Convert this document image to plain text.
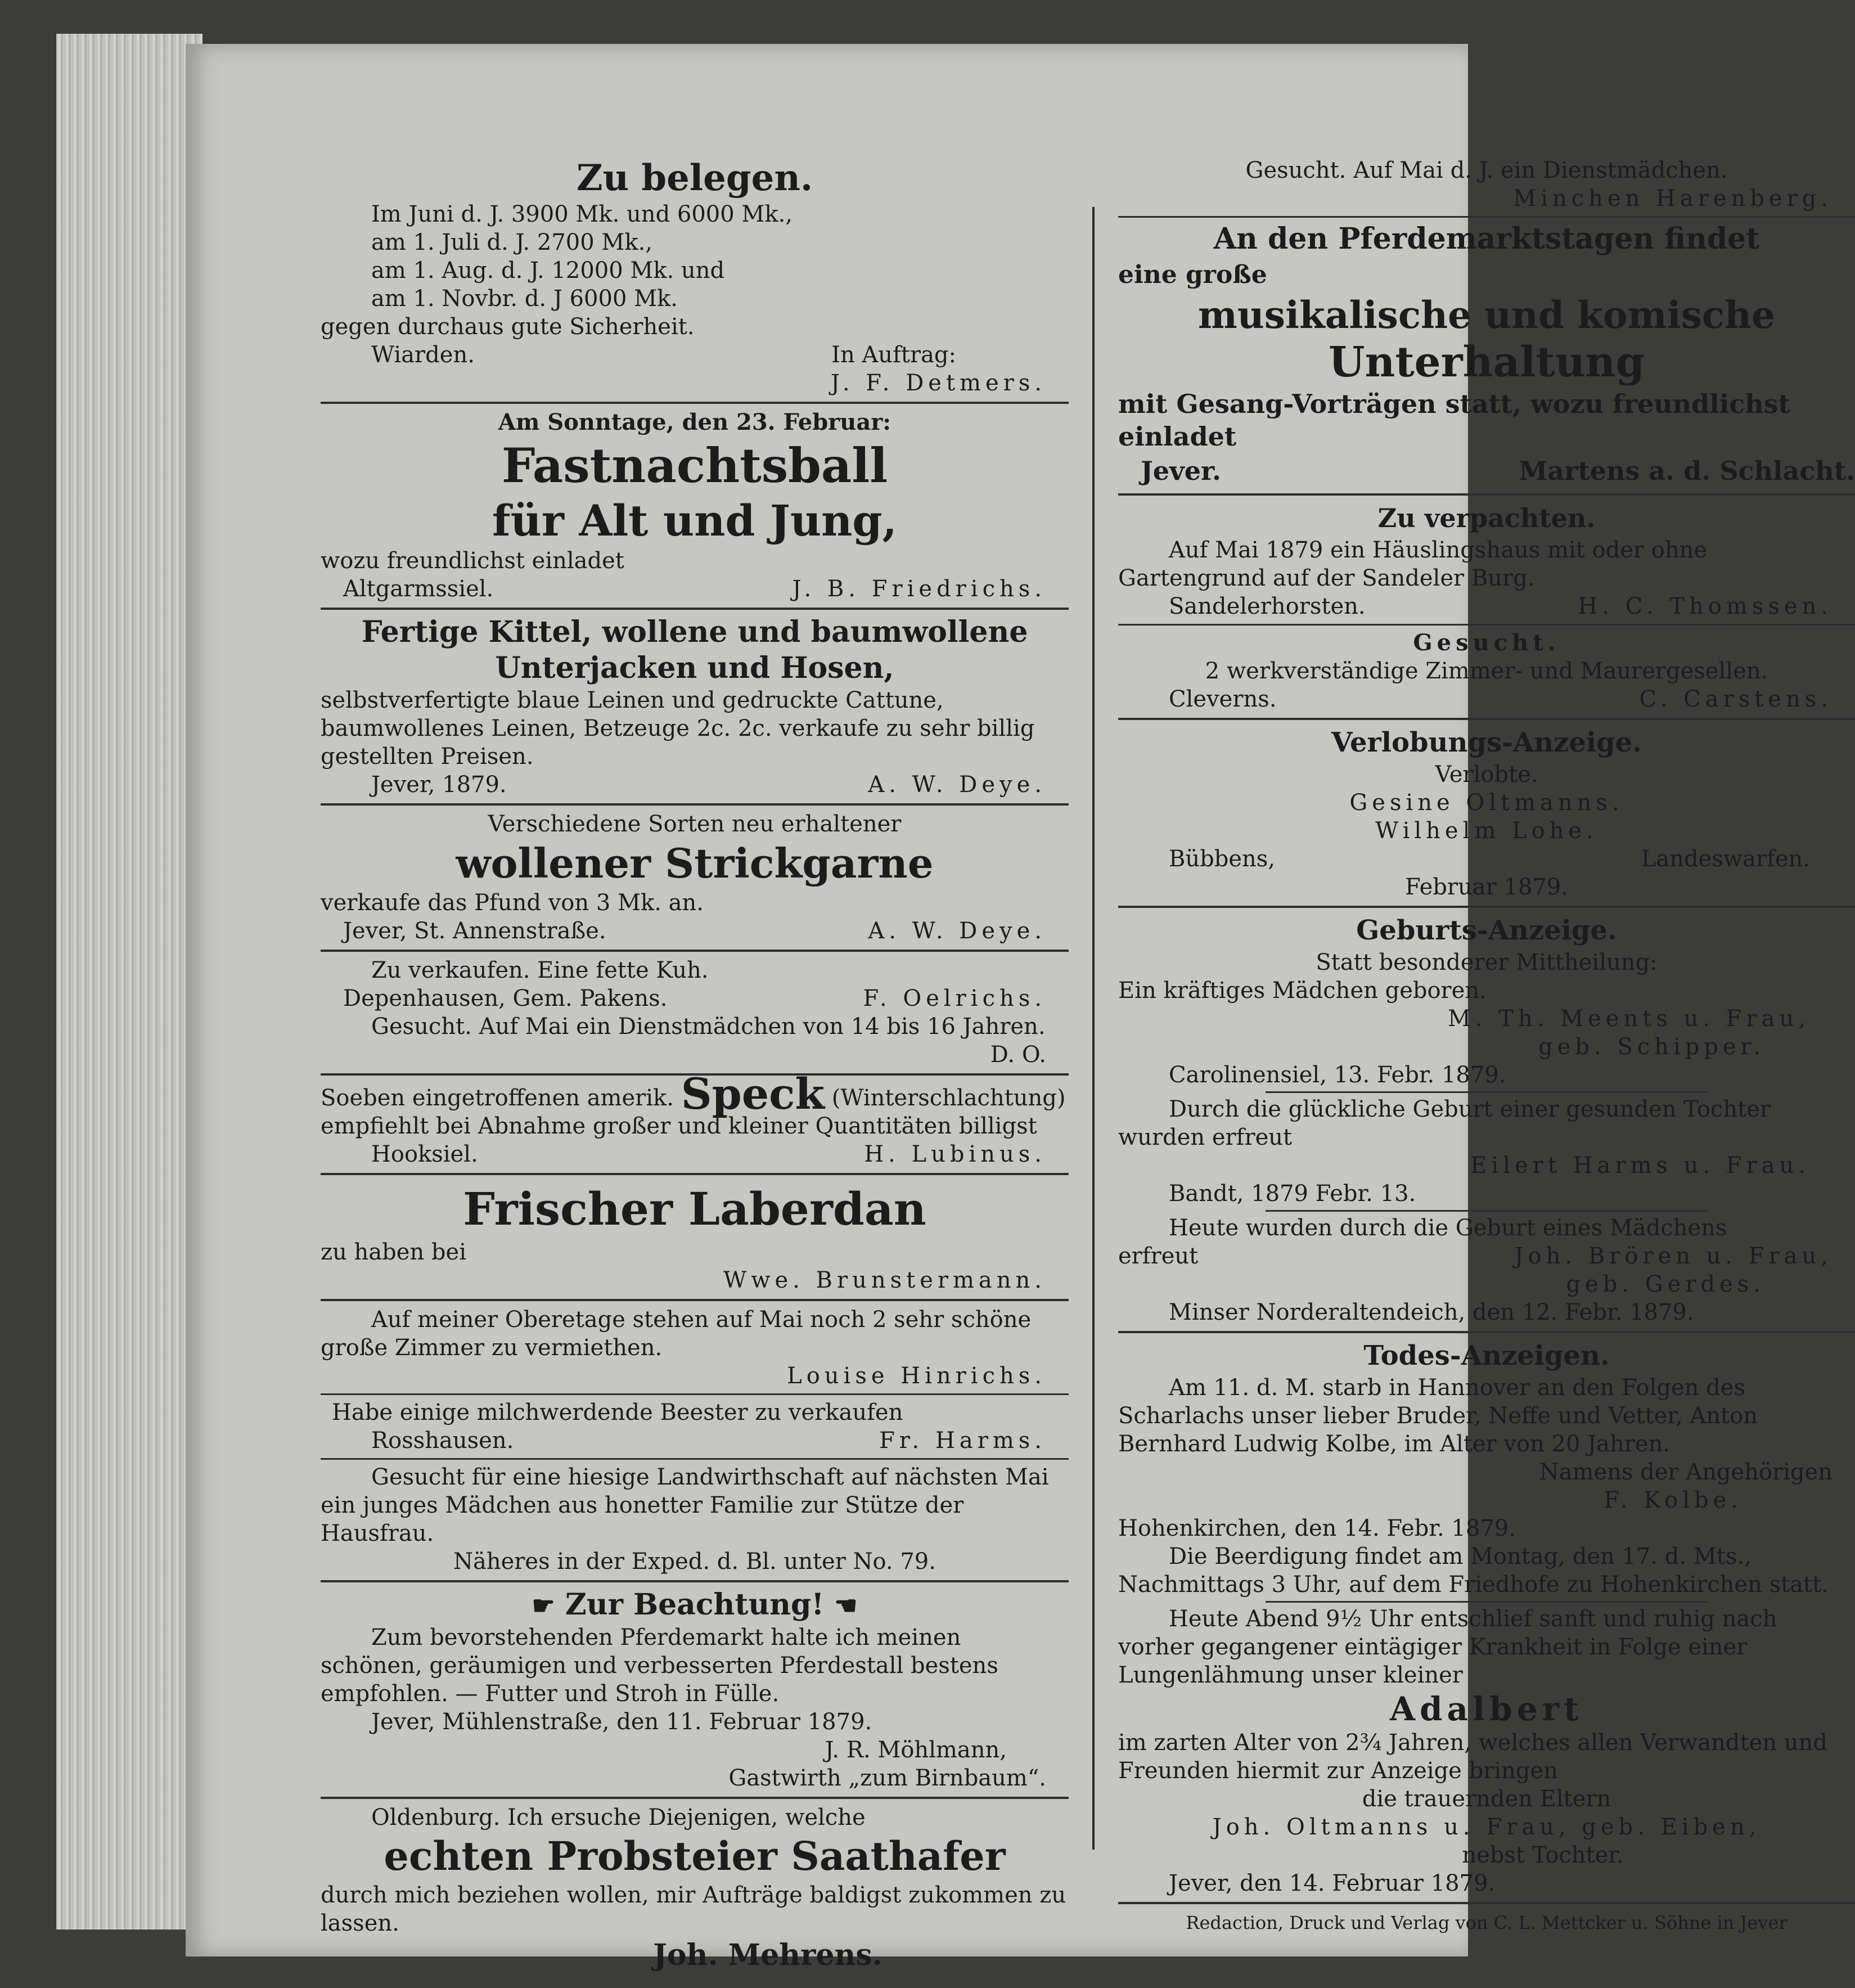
Zu belegen.
Im Juni d. J. 3900 Mk. und 6000 Mk.,
am 1. Juli d. J. 2700 Mk.,
am 1. Aug. d. J. 12000 Mk. und
am 1. Novbr. d. J 6000 Mk.
gegen durchaus gute Sicherheit.
Wiarden.	In Auftrag:
J. F. Detmers.
Am Sonntage, den 23. Februar:
Fastnachtsball
für Alt und Jung,
wozu freundlichst einladet
Altgarmssiel.	J. B. Friedrichs.
Fertige Kittel, wollene und baumwollene Unterjacken und Hosen,
selbstverfertigte blaue Leinen und gedruckte Cattune, baumwollenes Leinen, Betzeuge 2c. 2c. verkaufe zu sehr billig gestellten Preisen.
Jever, 1879.	A. W. Deye.
Verschiedene Sorten neu erhaltener
wollener Strickgarne
verkaufe das Pfund von 3 Mk. an.
Jever, St. Annenstraße.	A. W. Deye.
Zu verkaufen. Eine fette Kuh.
Depenhausen, Gem. Pakens.	F. Oelrichs.
Gesucht. Auf Mai ein Dienstmädchen von 14 bis 16 Jahren.
D. O.
Soeben eingetroffenen amerik. Speck (Winterschlachtung) empfiehlt bei Abnahme großer und kleiner Quantitäten billigst
Hooksiel.	H. Lubinus.
Frischer Laberdan
zu haben bei
Wwe. Brunstermann.
Auf meiner Oberetage stehen auf Mai noch 2 sehr schöne große Zimmer zu vermiethen.
Louise Hinrichs.
Habe einige milchwerdende Beester zu verkaufen
Rosshausen.	Fr. Harms.
Gesucht für eine hiesige Landwirthschaft auf nächsten Mai ein junges Mädchen aus honetter Familie zur Stütze der Hausfrau.
Näheres in der Exped. d. Bl. unter No. 79.
☛ Zur Beachtung! ☚
Zum bevorstehenden Pferdemarkt halte ich meinen schönen, geräumigen und verbesserten Pferdestall bestens empfohlen. — Futter und Stroh in Fülle.
Jever, Mühlenstraße, den 11. Februar 1879.
J. R. Möhlmann,
Gastwirth „zum Birnbaum“.
Oldenburg. Ich ersuche Diejenigen, welche
echten Probsteier Saathafer
durch mich beziehen wollen, mir Aufträge baldigst zukommen zu lassen.
Joh. Mehrens.
Gesucht. Auf Mai d. J. ein Dienstmädchen.
Minchen Harenberg.
An den Pferdemarktstagen findet
eine große
musikalische und komische
Unterhaltung
mit Gesang-Vorträgen statt, wozu freundlichst einladet
Jever.	Martens a. d. Schlacht.
Zu verpachten.
Auf Mai 1879 ein Häuslingshaus mit oder ohne Gartengrund auf der Sandeler Burg.
Sandelerhorsten.	H. C. Thomssen.
Gesucht.
2 werkverständige Zimmer- und Maurergesellen.
Cleverns.	C. Carstens.
Verlobungs-Anzeige.
Verlobte.
Gesine Oltmanns.
Wilhelm Lohe.
Bübbens,	Landeswarfen.
Februar 1879.
Geburts-Anzeige.
Statt besonderer Mittheilung:
Ein kräftiges Mädchen geboren.
M. Th. Meents u. Frau,
geb. Schipper.
Carolinensiel, 13. Febr. 1879.
Durch die glückliche Geburt einer gesunden Tochter wurden erfreut
Eilert Harms u. Frau.
Bandt, 1879 Febr. 13.
Heute wurden durch die Geburt eines Mädchens
erfreut	Joh. Brören u. Frau,
geb. Gerdes.
Minser Norderaltendeich, den 12. Febr. 1879.
Todes-Anzeigen.
Am 11. d. M. starb in Hannover an den Folgen des Scharlachs unser lieber Bruder, Neffe und Vetter, Anton Bernhard Ludwig Kolbe, im Alter von 20 Jahren.
Namens der Angehörigen
F. Kolbe.
Hohenkirchen, den 14. Febr. 1879.
Die Beerdigung findet am Montag, den 17. d. Mts., Nachmittags 3 Uhr, auf dem Friedhofe zu Hohenkirchen statt.
Heute Abend 9½ Uhr entschlief sanft und ruhig nach vorher gegangener eintägiger Krankheit in Folge einer Lungenlähmung unser kleiner
Adalbert
im zarten Alter von 2¾ Jahren, welches allen Verwandten und Freunden hiermit zur Anzeige bringen
die trauernden Eltern
Joh. Oltmanns u. Frau, geb. Eiben,
nebst Tochter.
Jever, den 14. Februar 1879.
Redaction, Druck und Verlag von C. L. Mettcker u. Söhne in Jever
